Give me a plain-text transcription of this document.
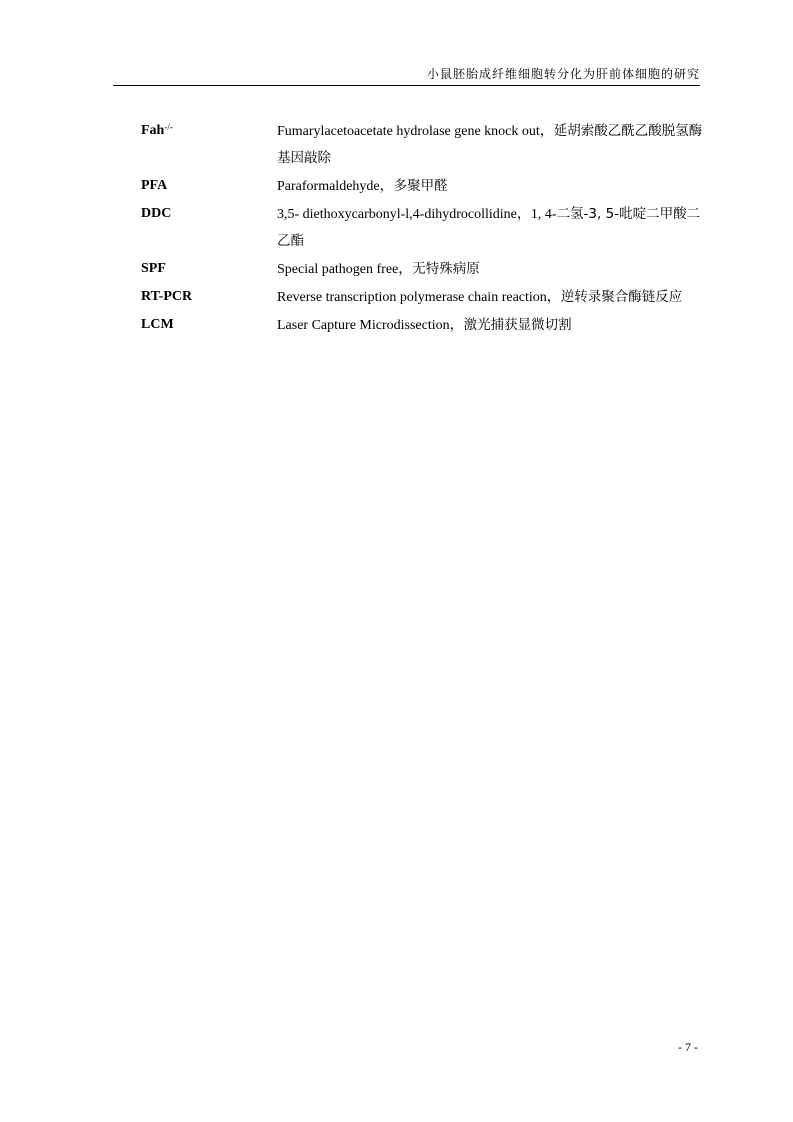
小鼠胚胎成纤维细胞转分化为肝前体细胞的研究
Fah-/-	Fumarylacetoacetate hydrolase gene knock out，延胡索酸乙酰乙酸脱氢酶基因敲除
PFA	Paraformaldehyde，多聚甲醛
DDC	3,5- diethoxycarbonyl-l,4-dihydrocollidine，1, 4-二氢-3, 5-吡啶二甲酸二乙酯
SPF	Special pathogen free，无特殊病原
RT-PCR	Reverse transcription polymerase chain reaction，逆转录聚合酶链反应
LCM	Laser Capture Microdissection，激光捕获显微切割
- 7 -
